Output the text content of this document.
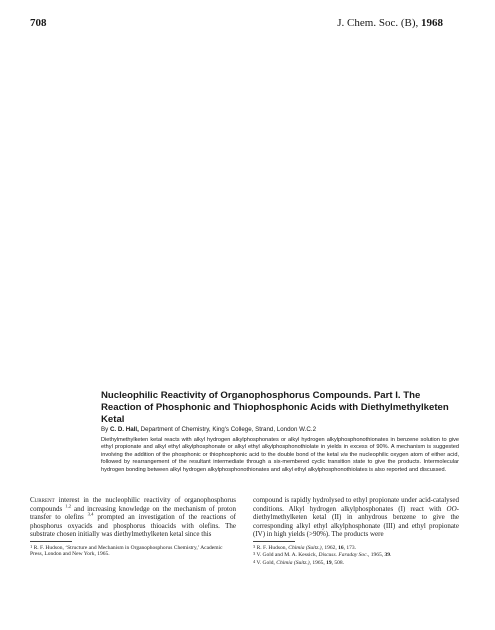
708	J. Chem. Soc. (B), 1968
Nucleophilic Reactivity of Organophosphorus Compounds. Part I. The Reaction of Phosphonic and Thiophosphonic Acids with Diethylmethylketen Ketal
By C. D. Hall, Department of Chemistry, King's College, Strand, London W.C.2
Diethylmethylketen ketal reacts with alkyl hydrogen alkylphosphonates or alkyl hydrogen alkylphosphonothionates in benzene solution to give ethyl propionate and alkyl ethyl alkylphosphonate or alkyl ethyl alkylphosphonothiolate in yields in excess of 90%. A mechanism is suggested involving the addition of the phosphonic or thiophosphonic acid to the double bond of the ketal via the nucleophilic oxygen atom of either acid, followed by rearrangement of the resultant intermediate through a six-membered cyclic transition state to give the products. Intermolecular hydrogen bonding between alkyl hydrogen alkylphosphonothionates and alkyl ethyl alkylphosphonothiolates is also reported and discussed.
Current interest in the nucleophilic reactivity of organophosphorus compounds $^{1,2}$ and increasing knowledge on the mechanism of proton transfer to olefins $^{3,4}$ prompted an investigation of the reactions of phosphorus oxyacids and phosphorus thioacids with olefins. The substrate chosen initially was diethylmethylketen ketal since this
1 R. F. Hudson, ‘Structure and Mechanism in Organophosphorus Chemistry,’ Academic Press, London and New York, 1965.
compound is rapidly hydrolysed to ethyl propionate under acid-catalysed conditions. Alkyl hydrogen alkylphosphonates (I) react with OO-diethylmethylketen ketal (II) in anhydrous benzene to give the corresponding alkyl ethyl alkylphosphonate (III) and ethyl propionate (IV) in high yields (>90%). The products were
3 R. F. Hudson, Chimia (Suitz.), 1962, 16, 173.
3 V. Gold and M. A. Kessick, Discuss. Faraday Soc., 1965, 39.
4 V. Gold, Chimia (Suitz.), 1965, 19, 508.
